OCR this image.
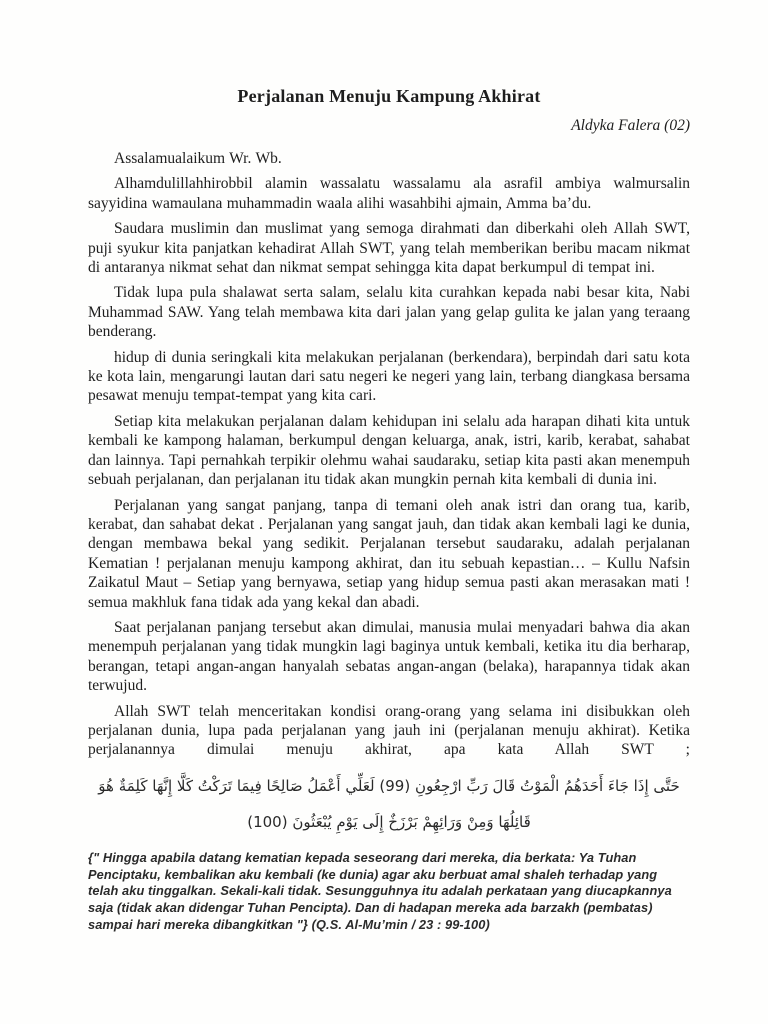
Perjalanan Menuju Kampung Akhirat
Aldyka Falera (02)

Assalamualaikum Wr. Wb.

Alhamdulillahhirobbil alamin wassalatu wassalamu ala asrafil ambiya walmursalin sayyidina wamaulana muhammadin waala alihi wasahbihi ajmain, Amma ba’du.

Saudara muslimin dan muslimat yang semoga dirahmati dan diberkahi oleh Allah SWT, puji syukur kita panjatkan kehadirat Allah SWT, yang telah memberikan beribu macam nikmat di antaranya nikmat sehat dan nikmat sempat sehingga kita dapat berkumpul di tempat ini.

Tidak lupa pula shalawat serta salam, selalu kita curahkan kepada nabi besar kita, Nabi Muhammad SAW. Yang telah membawa kita dari jalan yang gelap gulita ke jalan yang teraang benderang.

hidup di dunia seringkali kita melakukan perjalanan (berkendara), berpindah dari satu kota ke kota lain, mengarungi lautan dari satu negeri ke negeri yang lain, terbang diangkasa bersama pesawat menuju tempat-tempat yang kita cari.

Setiap kita melakukan perjalanan dalam kehidupan ini selalu ada harapan dihati kita untuk kembali ke kampong halaman, berkumpul dengan keluarga, anak, istri, karib, kerabat, sahabat dan lainnya. Tapi pernahkah terpikir olehmu wahai saudaraku, setiap kita pasti akan menempuh sebuah perjalanan, dan perjalanan itu tidak akan mungkin pernah kita kembali di dunia ini.

Perjalanan yang sangat panjang, tanpa di temani oleh anak istri dan orang tua, karib, kerabat, dan sahabat dekat . Perjalanan yang sangat jauh, dan tidak akan kembali lagi ke dunia, dengan membawa bekal yang sedikit. Perjalanan tersebut saudaraku, adalah perjalanan Kematian ! perjalanan menuju kampong akhirat, dan itu sebuah kepastian… – Kullu Nafsin Zaikatul Maut – Setiap yang bernyawa, setiap yang hidup semua pasti akan merasakan mati ! semua makhluk fana tidak ada yang kekal dan abadi.

Saat perjalanan panjang tersebut akan dimulai, manusia mulai menyadari bahwa dia akan menempuh perjalanan yang tidak mungkin lagi baginya untuk kembali, ketika itu dia berharap, berangan, tetapi angan-angan hanyalah sebatas angan-angan (belaka), harapannya tidak akan terwujud.

Allah SWT telah menceritakan kondisi orang-orang yang selama ini disibukkan oleh perjalanan dunia, lupa pada perjalanan yang jauh ini (perjalanan menuju akhirat). Ketika perjalanannya dimulai menuju akhirat, apa kata Allah SWT ;

حَتَّى إِذَا جَاءَ أَحَدَهُمُ الْمَوْتُ قَالَ رَبِّ ارْجِعُونِ (99) لَعَلِّي أَعْمَلُ صَالِحًا فِيمَا تَرَكْتُ كَلَّا إِنَّهَا كَلِمَةٌ هُوَ
قَائِلُهَا وَمِنْ وَرَائِهِمْ بَرْزَخٌ إِلَى يَوْمِ يُبْعَثُونَ (100)

{" Hingga apabila datang kematian kepada seseorang dari mereka, dia berkata: Ya Tuhan Penciptaku, kembalikan aku kembali (ke dunia) agar aku berbuat amal shaleh terhadap yang telah aku tinggalkan. Sekali-kali tidak. Sesungguhnya itu adalah perkataan yang diucapkannya saja (tidak akan didengar Tuhan Pencipta). Dan di hadapan mereka ada barzakh (pembatas) sampai hari mereka dibangkitkan "} (Q.S. Al-Mu’min / 23 : 99-100)
